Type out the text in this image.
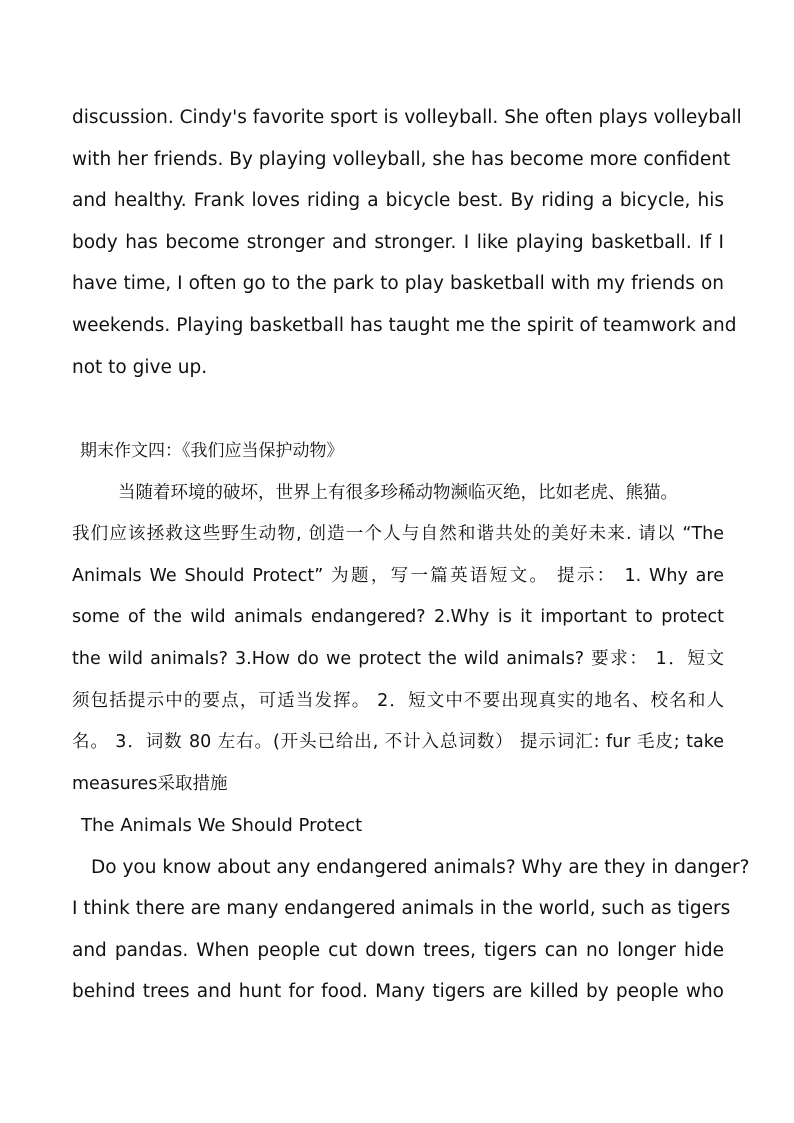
discussion. Cindy's favorite sport is volleyball. She often plays volleyball
with her friends. By playing volleyball, she has become more confident
and healthy. Frank loves riding a bicycle best. By riding a bicycle, his
body has become stronger and stronger. I like playing basketball. If I
have time, I often go to the park to play basketball with my friends on
weekends. Playing basketball has taught me the spirit of teamwork and
not to give up.
期末作文四：《我们应当保护动物》
当随着环境的破坏，世界上有很多珍稀动物濒临灭绝，比如老虎、熊猫。
我们应该拯救这些野生动物, 创造一个人与自然和谐共处的美好未来. 请以 “The
Animals We Should Protect” 为题，写一篇英语短文。 提示： 1. Why are
some of the wild animals endangered? 2.Why is it important to protect
the wild animals? 3.How do we protect the wild animals? 要求： 1．短文
须包括提示中的要点，可适当发挥。 2．短文中不要出现真实的地名、校名和人
名。 3．词数 80 左右。(开头已给出, 不计入总词数） 提示词汇: fur 毛皮; take
measures采取措施
The Animals We Should Protect
Do you know about any endangered animals? Why are they in danger?
I think there are many endangered animals in the world, such as tigers
and pandas. When people cut down trees, tigers can no longer hide
behind trees and hunt for food. Many tigers are killed by people who
